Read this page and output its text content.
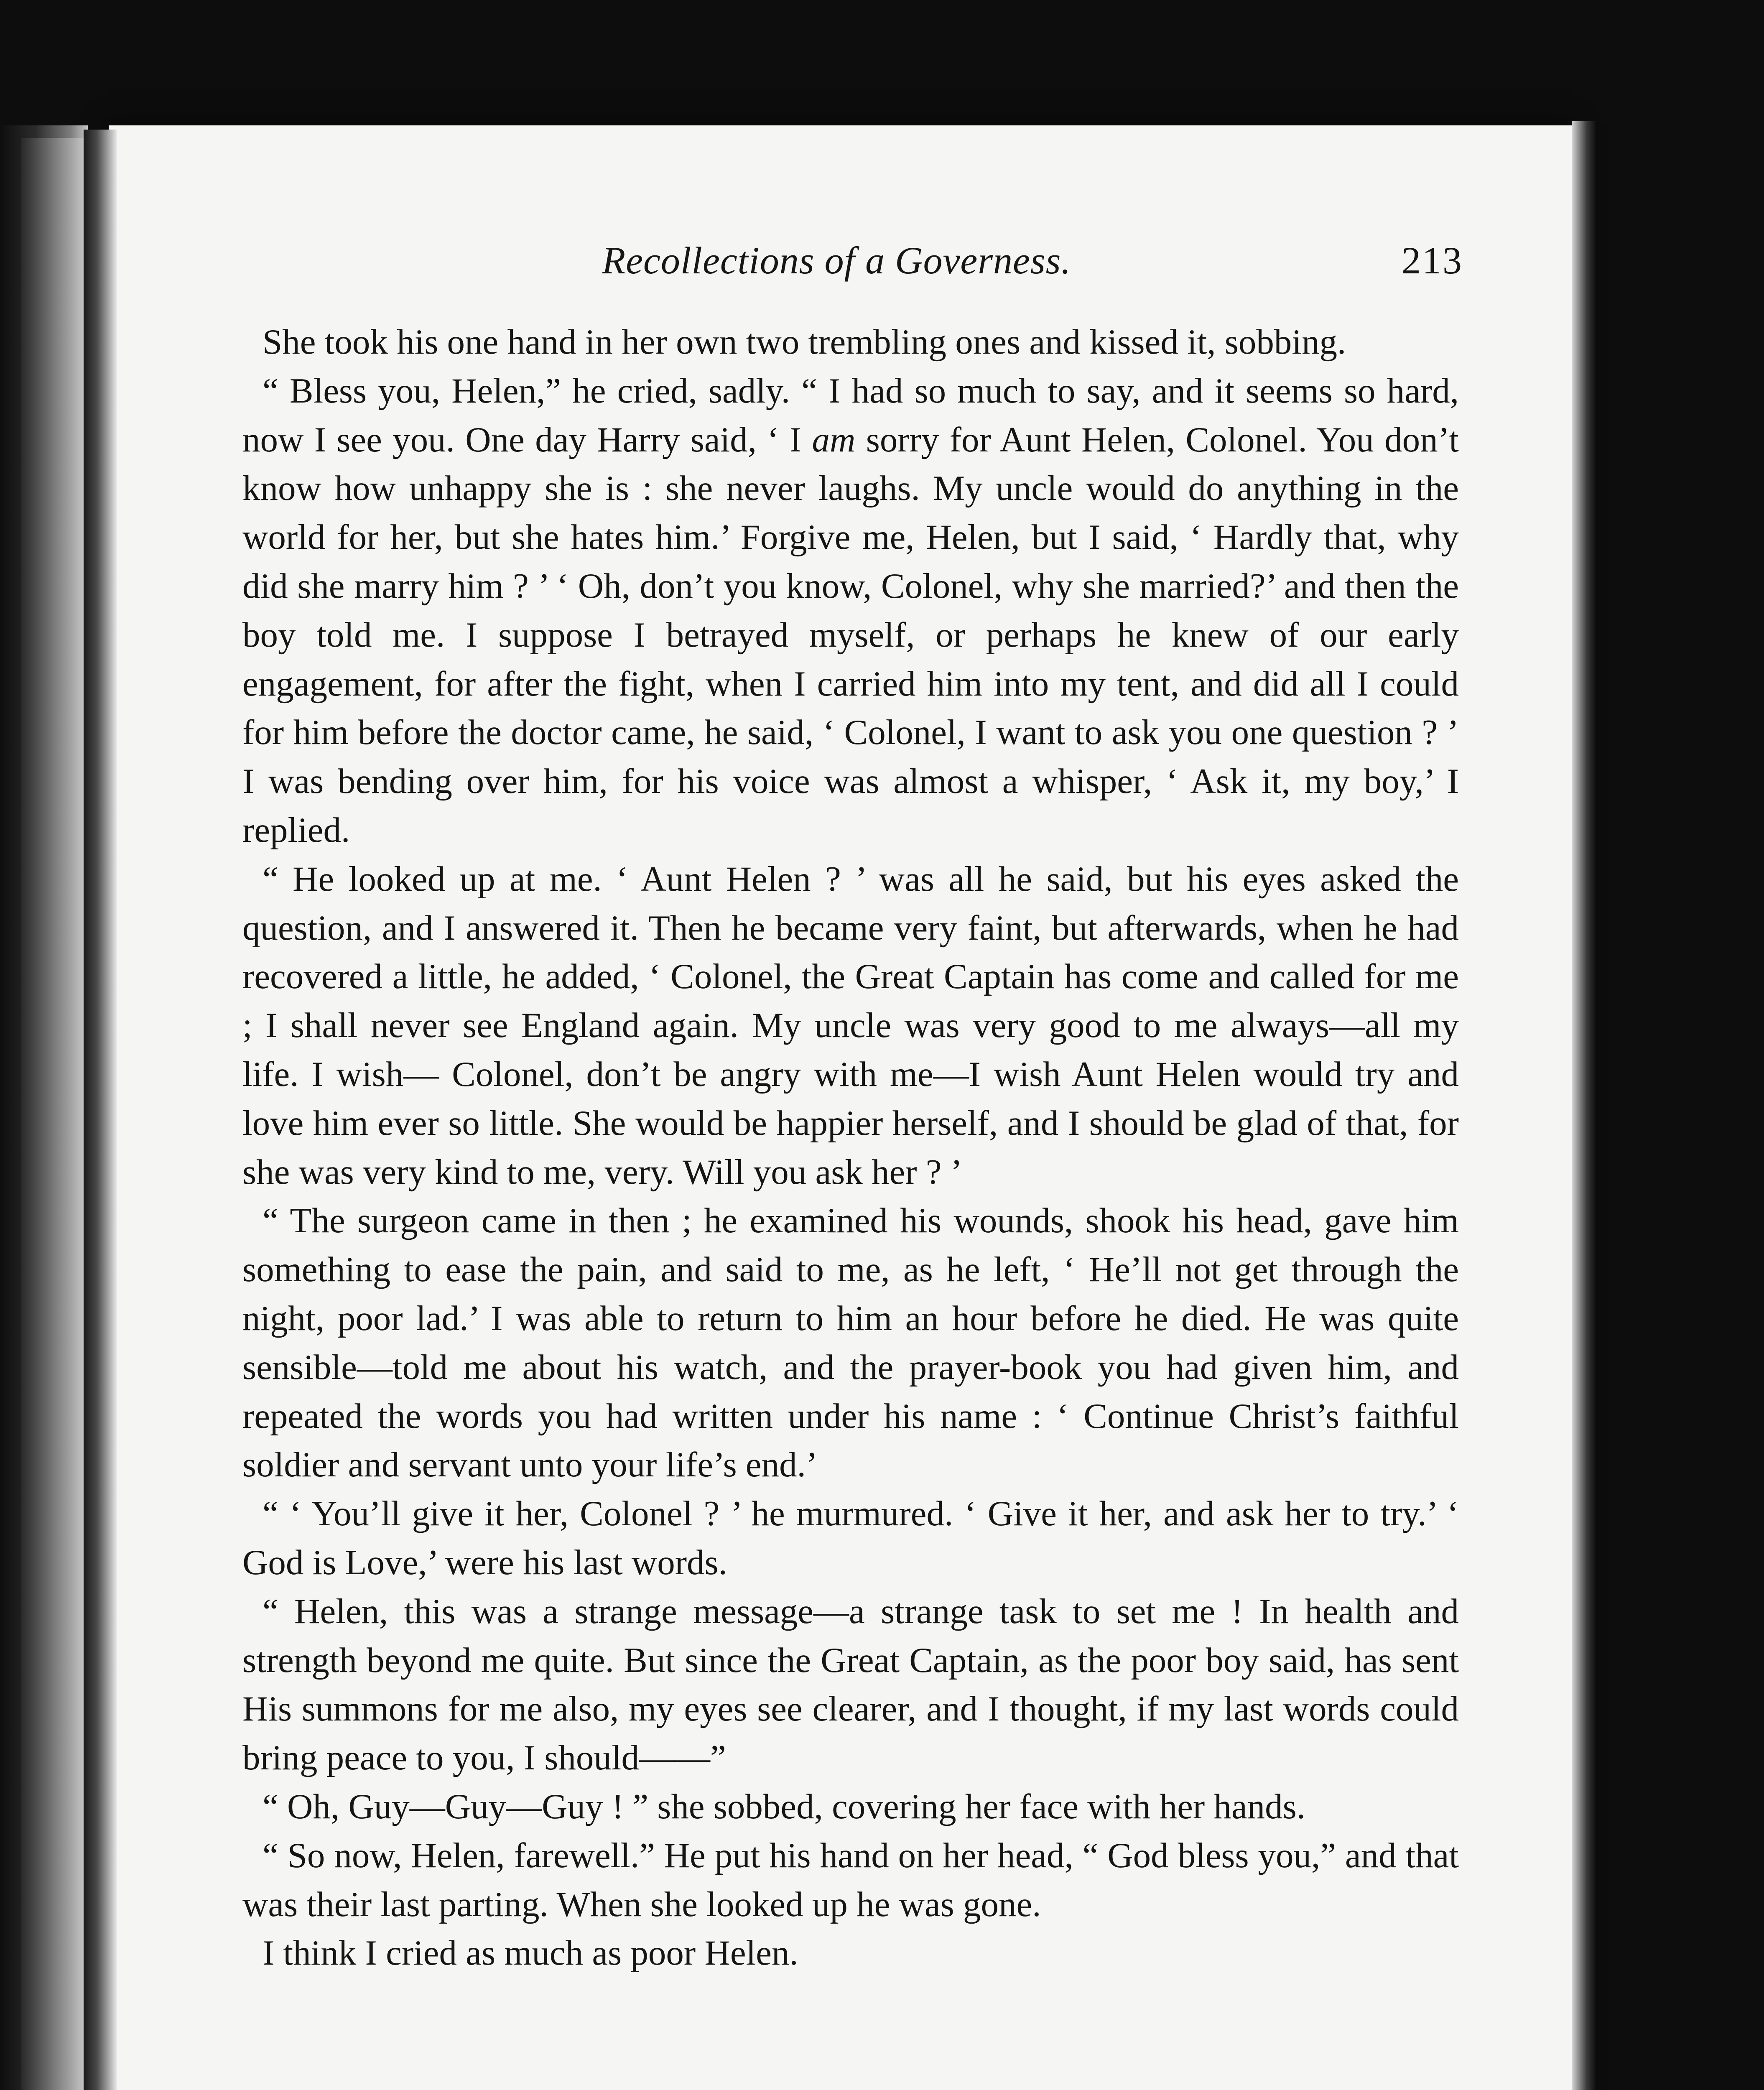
Recollections of a Governess.	213

She took his one hand in her own two trembling ones and kissed it, sobbing.

“ Bless you, Helen,” he cried, sadly. “ I had so much to say, and it seems so hard, now I see you. One day Harry said, ‘ I am sorry for Aunt Helen, Colonel. You don’t know how unhappy she is : she never laughs. My uncle would do anything in the world for her, but she hates him.’ Forgive me, Helen, but I said, ‘ Hardly that, why did she marry him ? ’ ‘ Oh, don’t you know, Colonel, why she married?’ and then the boy told me. I suppose I betrayed myself, or perhaps he knew of our early engagement, for after the fight, when I carried him into my tent, and did all I could for him before the doctor came, he said, ‘ Colonel, I want to ask you one question ? ’ I was bending over him, for his voice was almost a whisper, ‘ Ask it, my boy,’ I replied.

“ He looked up at me. ‘ Aunt Helen ? ’ was all he said, but his eyes asked the question, and I answered it. Then he became very faint, but afterwards, when he had recovered a little, he added, ‘ Colonel, the Great Captain has come and called for me ; I shall never see England again. My uncle was very good to me always—all my life. I wish— Colonel, don’t be angry with me—I wish Aunt Helen would try and love him ever so little. She would be happier herself, and I should be glad of that, for she was very kind to me, very. Will you ask her ? ’

“ The surgeon came in then ; he examined his wounds, shook his head, gave him something to ease the pain, and said to me, as he left, ‘ He’ll not get through the night, poor lad.’ I was able to return to him an hour before he died. He was quite sensible—told me about his watch, and the prayer-book you had given him, and repeated the words you had written under his name : ‘ Continue Christ’s faithful soldier and servant unto your life’s end.’

“ ‘ You’ll give it her, Colonel ? ’ he murmured. ‘ Give it her, and ask her to try.’ ‘ God is Love,’ were his last words.

“ Helen, this was a strange message—a strange task to set me ! In health and strength beyond me quite. But since the Great Captain, as the poor boy said, has sent His summons for me also, my eyes see clearer, and I thought, if my last words could bring peace to you, I should——”

“ Oh, Guy—Guy—Guy ! ” she sobbed, covering her face with her hands.

“ So now, Helen, farewell.” He put his hand on her head, “ God bless you,” and that was their last parting. When she looked up he was gone.

I think I cried as much as poor Helen.
